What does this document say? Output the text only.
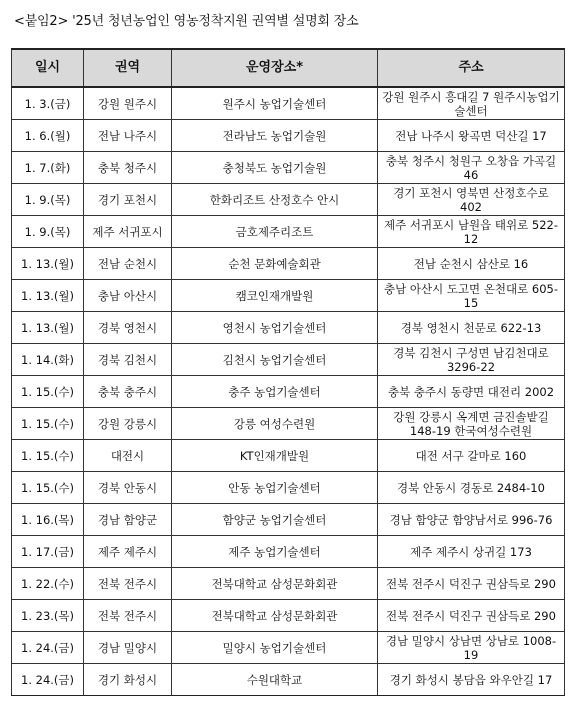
<붙임2> '25년 청년농업인 영농정착지원 권역별 설명회 장소
일시	권역	운영장소*	주소
1. 3.(금)	강원 원주시	원주시 농업기술센터	강원 원주시 흥대길 7 원주시농업기술센터
1. 6.(월)	전남 나주시	전라남도 농업기술원	전남 나주시 왕곡면 덕산길 17
1. 7.(화)	충북 청주시	충청북도 농업기술원	충북 청주시 청원구 오창읍 가곡길 46
1. 9.(목)	경기 포천시	한화리조트 산정호수 안시	경기 포천시 영북면 산정호수로 402
1. 9.(목)	제주 서귀포시	금호제주리조트	제주 서귀포시 남원읍 태위로 522-12
1. 13.(월)	전남 순천시	순천 문화예술회관	전남 순천시 삼산로 16
1. 13.(월)	충남 아산시	캠코인재개발원	충남 아산시 도고면 온천대로 605-15
1. 13.(월)	경북 영천시	영천시 농업기술센터	경북 영천시 천문로 622-13
1. 14.(화)	경북 김천시	김천시 농업기술센터	경북 김천시 구성면 남김천대로 3296-22
1. 15.(수)	충북 충주시	충주 농업기술센터	충북 충주시 동량면 대전리 2002
1. 15.(수)	강원 강릉시	강릉 여성수련원	강원 강릉시 옥계면 금진솔밭길 148-19 한국여성수련원
1. 15.(수)	대전시	KT인재개발원	대전 서구 갈마로 160
1. 15.(수)	경북 안동시	안동 농업기술센터	경북 안동시 경동로 2484-10
1. 16.(목)	경남 함양군	함양군 농업기술센터	경남 함양군 함양남서로 996-76
1. 17.(금)	제주 제주시	제주 농업기술센터	제주 제주시 상귀길 173
1. 22.(수)	전북 전주시	전북대학교 삼성문화회관	전북 전주시 덕진구 권삼득로 290
1. 23.(목)	전북 전주시	전북대학교 삼성문화회관	전북 전주시 덕진구 권삼득로 290
1. 24.(금)	경남 밀양시	밀양시 농업기술센터	경남 밀양시 상남면 상남로 1008-19
1. 24.(금)	경기 화성시	수원대학교	경기 화성시 봉담읍 와우안길 17
